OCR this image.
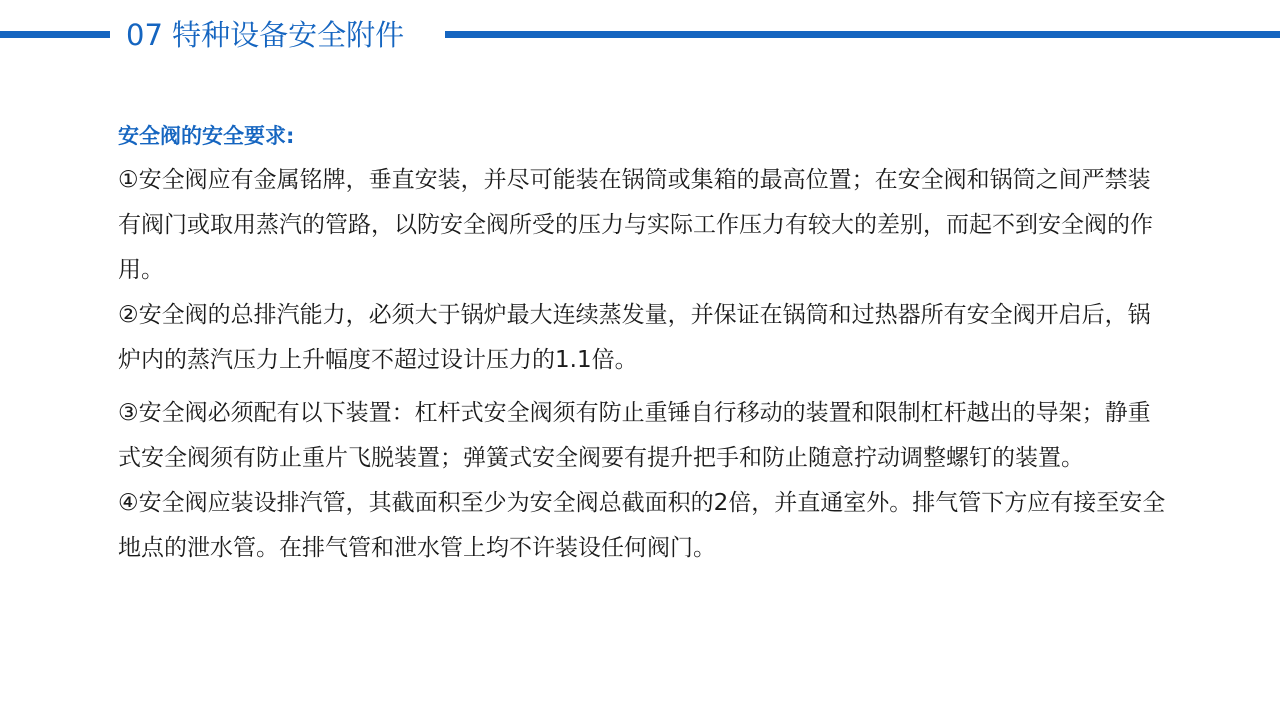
07 特种设备安全附件

安全阀的安全要求:

①安全阀应有金属铭牌，垂直安装，并尽可能装在锅筒或集箱的最高位置；在安全阀和锅筒之间严禁装有阀门或取用蒸汽的管路，以防安全阀所受的压力与实际工作压力有较大的差别，而起不到安全阀的作用。

②安全阀的总排汽能力，必须大于锅炉最大连续蒸发量，并保证在锅筒和过热器所有安全阀开启后，锅炉内的蒸汽压力上升幅度不超过设计压力的1.1倍。

③安全阀必须配有以下装置：杠杆式安全阀须有防止重锤自行移动的装置和限制杠杆越出的导架；静重式安全阀须有防止重片飞脱装置；弹簧式安全阀要有提升把手和防止随意拧动调整螺钉的装置。

④安全阀应装设排汽管，其截面积至少为安全阀总截面积的2倍，并直通室外。排气管下方应有接至安全地点的泄水管。在排气管和泄水管上均不许装设任何阀门。
